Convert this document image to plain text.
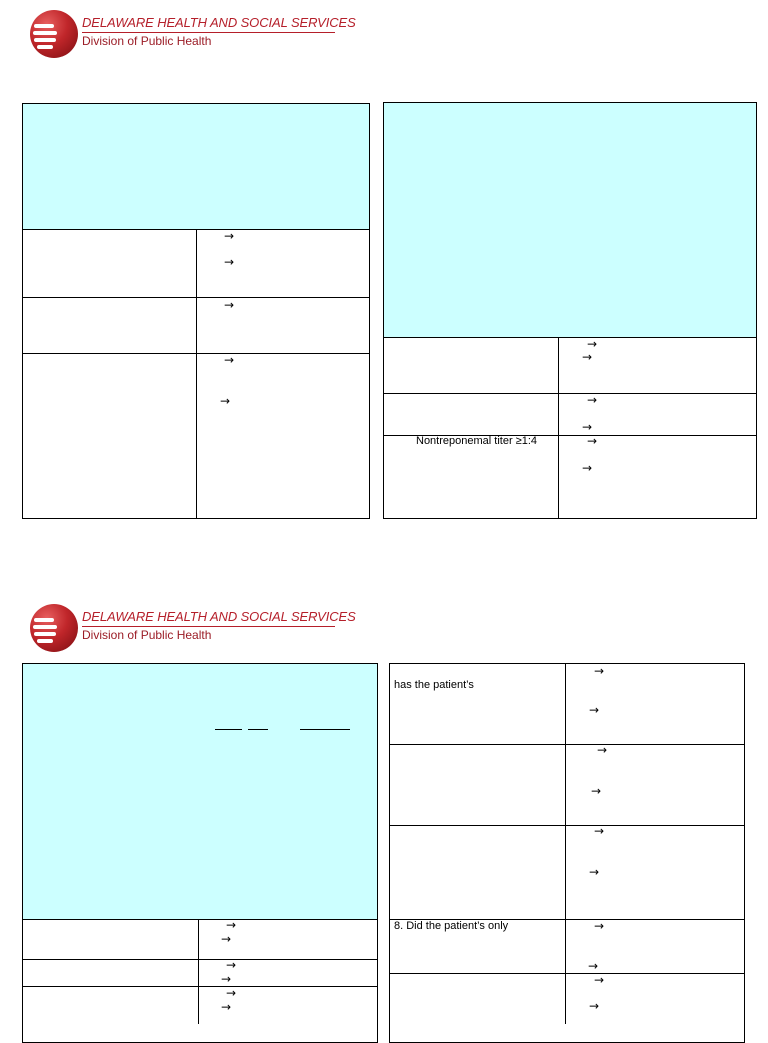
DELAWARE HEALTH AND SOCIAL SERVICES
Division of Public Health
→
→
→
→
→
→
→
→
→
Nontreponemal titer ≥1:4	→
→
DELAWARE HEALTH AND SOCIAL SERVICES
Division of Public Health
→
→
→
→
→
→
has the patient’s
8. Did the patient’s only
→
→
→
→
→
→
→
→
→
→
